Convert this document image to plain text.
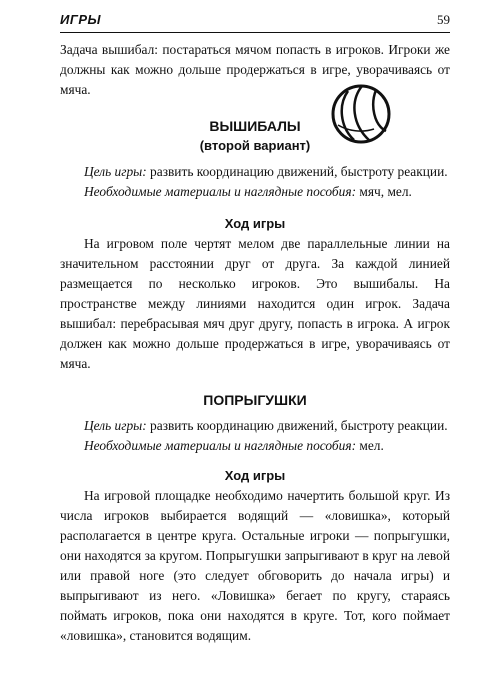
ИГРЫ	59

Задача вышибал: постараться мячом попасть в игроков. Игроки же должны как можно дольше продержаться в игре, уворачиваясь от мяча.

ВЫШИБАЛЫ

(второй вариант)

Цель игры: развить координацию движений, быстроту реакции.

Необходимые материалы и наглядные пособия: мяч, мел.

Ход игры

На игровом поле чертят мелом две параллельные линии на значительном расстоянии друг от друга. За каждой линией размещается по несколько игроков. Это вышибалы. На пространстве между линиями находится один игрок. Задача вышибал: перебрасывая мяч друг другу, попасть в игрока. А игрок должен как можно дольше продержаться в игре, уворачиваясь от мяча.

ПОПРЫГУШКИ

Цель игры: развить координацию движений, быстроту реакции.

Необходимые материалы и наглядные пособия: мел.

Ход игры

На игровой площадке необходимо начертить большой круг. Из числа игроков выбирается водящий — «ловишка», который располагается в центре круга. Остальные игроки — попрыгушки, они находятся за кругом. Попрыгушки запрыгивают в круг на левой или правой ноге (это следует обговорить до начала игры) и выпрыгивают из него. «Ловишка» бегает по кругу, стараясь поймать игроков, пока они находятся в круге. Тот, кого поймает «ловишка», становится водящим.
